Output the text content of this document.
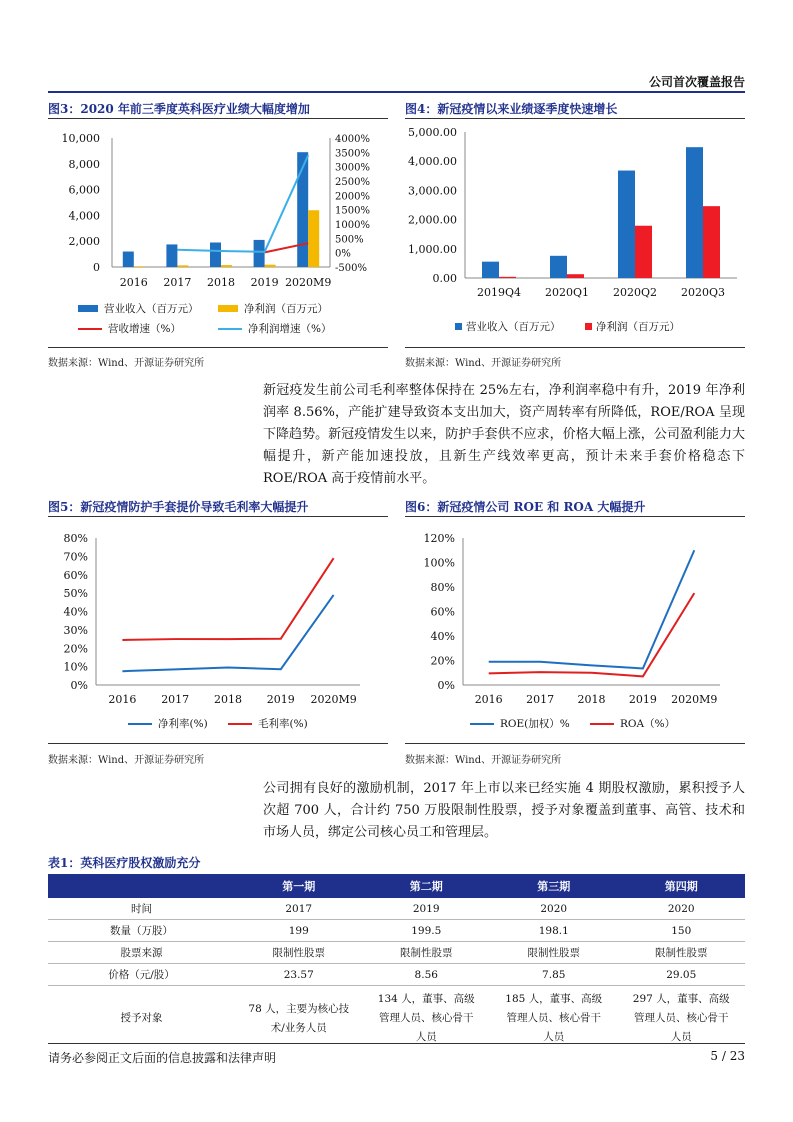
公司首次覆盖报告
图3：2020 年前三季度英科医疗业绩大幅度增加
0
2,000
4,000
6,000
8,000
10,000
-500%
0%
500%
1000%
1500%
2000%
2500%
3000%
3500%
4000%
2016 2017 2018 2019 2020M9
营业收入（百万元）	净利润（百万元）
营收增速（%）	净利润增速（%）
数据来源：Wind、开源证券研究所
图4：新冠疫情以来业绩逐季度快速增长
0.00
1,000.00
2,000.00
3,000.00
4,000.00
5,000.00
2019Q4 2020Q1 2020Q2 2020Q3
营业收入（百万元）	净利润（百万元）
数据来源：Wind、开源证券研究所
新冠疫发生前公司毛利率整体保持在 25%左右，净利润率稳中有升，2019 年净利润率 8.56%，产能扩建导致资本支出加大，资产周转率有所降低，ROE/ROA 呈现下降趋势。新冠疫情发生以来，防护手套供不应求，价格大幅上涨，公司盈利能力大幅提升，新产能加速投放，且新生产线效率更高，预计未来手套价格稳态下 ROE/ROA 高于疫情前水平。
图5：新冠疫情防护手套提价导致毛利率大幅提升
0%
10%
20%
30%
40%
50%
60%
70%
80%
2016 2017 2018 2019 2020M9
净利率(%)	毛利率(%)
数据来源：Wind、开源证券研究所
图6：新冠疫情公司 ROE 和 ROA 大幅提升
0%
20%
40%
60%
80%
100%
120%
2016 2017 2018 2019 2020M9
ROE(加权）%	ROA（%）
数据来源：Wind、开源证券研究所
公司拥有良好的激励机制，2017 年上市以来已经实施 4 期股权激励，累积授予人次超 700 人，合计约 750 万股限制性股票，授予对象覆盖到董事、高管、技术和市场人员，绑定公司核心员工和管理层。
表1：英科医疗股权激励充分
	第一期	第二期	第三期	第四期
时间	2017	2019	2020	2020
数量（万股）	199	199.5	198.1	150
股票来源	限制性股票	限制性股票	限制性股票	限制性股票
价格（元/股）	23.57	8.56	7.85	29.05
授予对象	78 人，主要为核心技术/业务人员	134 人，董事、高级管理人员、核心骨干人员	185 人，董事、高级管理人员、核心骨干人员	297 人，董事、高级管理人员、核心骨干人员
请务必参阅正文后面的信息披露和法律声明	5 / 23
